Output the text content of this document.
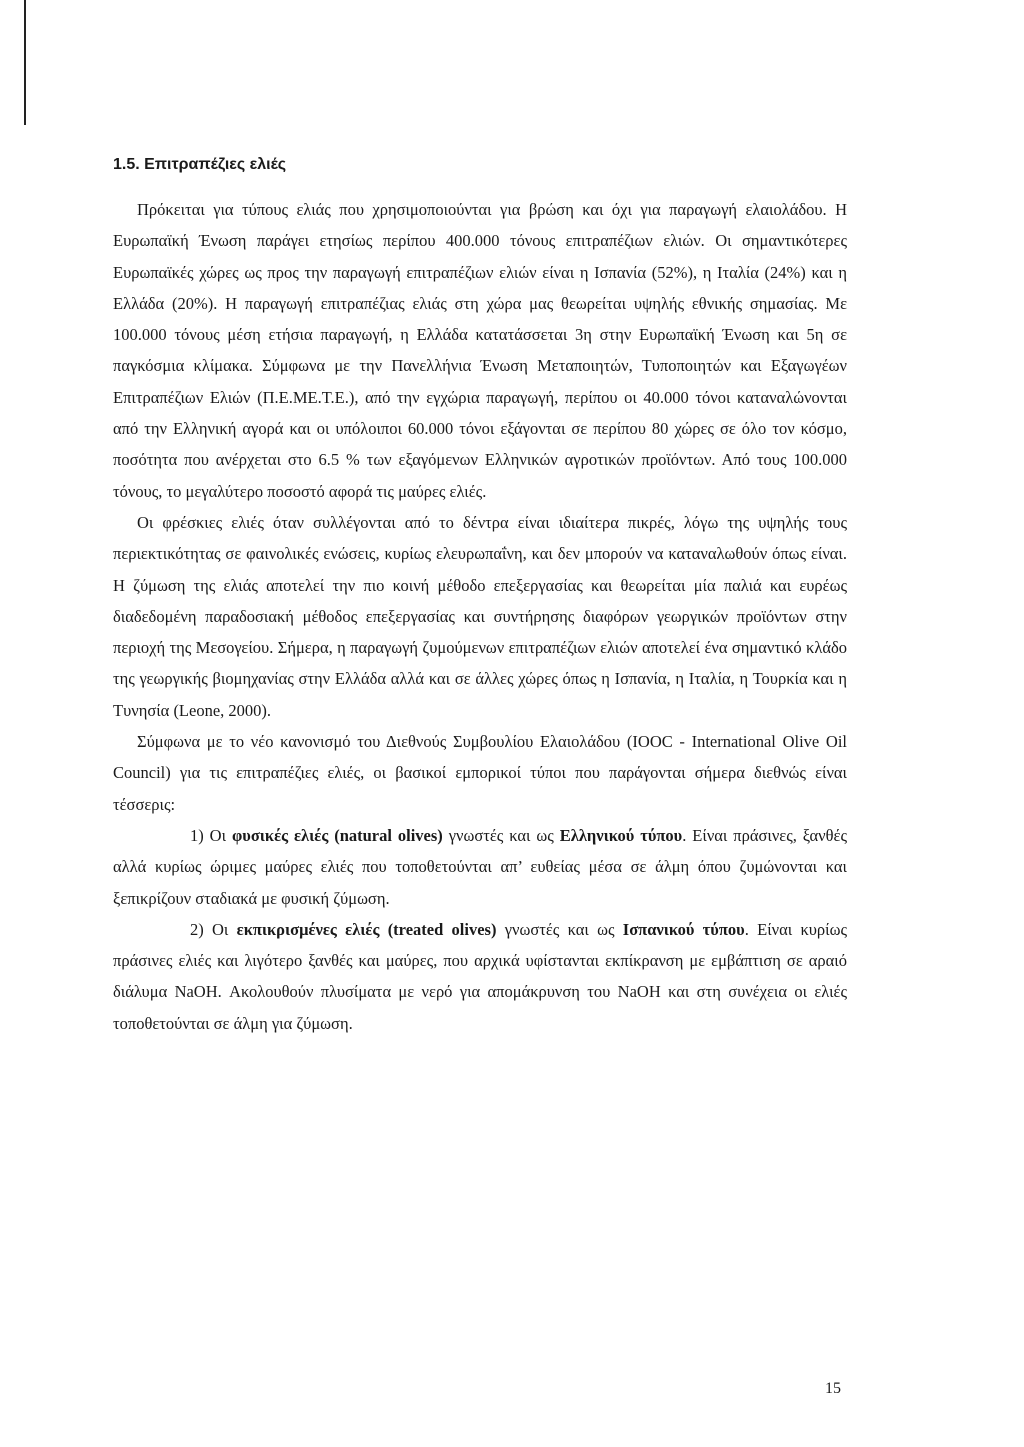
1.5. Επιτραπέζιες ελιές

Πρόκειται για τύπους ελιάς που χρησιμοποιούνται για βρώση και όχι για παραγωγή ελαιολάδου. Η Ευρωπαϊκή Ένωση παράγει ετησίως περίπου 400.000 τόνους επιτραπέζιων ελιών. Οι σημαντικότερες Ευρωπαϊκές χώρες ως προς την παραγωγή επιτραπέζιων ελιών είναι η Ισπανία (52%), η Ιταλία (24%) και η Ελλάδα (20%). Η παραγωγή επιτραπέζιας ελιάς στη χώρα μας θεωρείται υψηλής εθνικής σημασίας. Με 100.000 τόνους μέση ετήσια παραγωγή, η Ελλάδα κατατάσσεται 3η στην Ευρωπαϊκή Ένωση και 5η σε παγκόσμια κλίμακα. Σύμφωνα με την Πανελλήνια Ένωση Μεταποιητών, Τυποποιητών και Εξαγωγέων Επιτραπέζιων Ελιών (Π.Ε.ΜΕ.Τ.Ε.), από την εγχώρια παραγωγή, περίπου οι 40.000 τόνοι καταναλώνονται από την Ελληνική αγορά και οι υπόλοιποι 60.000 τόνοι εξάγονται σε περίπου 80 χώρες σε όλο τον κόσμο, ποσότητα που ανέρχεται στο 6.5 % των εξαγόμενων Ελληνικών αγροτικών προϊόντων. Από τους 100.000 τόνους, το μεγαλύτερο ποσοστό αφορά τις μαύρες ελιές.

Οι φρέσκιες ελιές όταν συλλέγονται από το δέντρα είναι ιδιαίτερα πικρές, λόγω της υψηλής τους περιεκτικότητας σε φαινολικές ενώσεις, κυρίως ελευρωπαΐνη, και δεν μπορούν να καταναλωθούν όπως είναι. Η ζύμωση της ελιάς αποτελεί την πιο κοινή μέθοδο επεξεργασίας και θεωρείται μία παλιά και ευρέως διαδεδομένη παραδοσιακή μέθοδος επεξεργασίας και συντήρησης διαφόρων γεωργικών προϊόντων στην περιοχή της Μεσογείου. Σήμερα, η παραγωγή ζυμούμενων επιτραπέζιων ελιών αποτελεί ένα σημαντικό κλάδο της γεωργικής βιομηχανίας στην Ελλάδα αλλά και σε άλλες χώρες όπως η Ισπανία, η Ιταλία, η Τουρκία και η Τυνησία (Leone, 2000).

Σύμφωνα με το νέο κανονισμό του Διεθνούς Συμβουλίου Ελαιολάδου (IOOC - International Olive Oil Council) για τις επιτραπέζιες ελιές, οι βασικοί εμπορικοί τύποι που παράγονται σήμερα διεθνώς είναι τέσσερις:

1) Οι φυσικές ελιές (natural olives) γνωστές και ως Ελληνικού τύπου. Είναι πράσινες, ξανθές αλλά κυρίως ώριμες μαύρες ελιές που τοποθετούνται απ’ ευθείας μέσα σε άλμη όπου ζυμώνονται και ξεπικρίζουν σταδιακά με φυσική ζύμωση.

2) Οι εκπικρισμένες ελιές (treated olives) γνωστές και ως Ισπανικού τύπου. Είναι κυρίως πράσινες ελιές και λιγότερο ξανθές και μαύρες, που αρχικά υφίστανται εκπίκρανση με εμβάπτιση σε αραιό διάλυμα NaOH. Ακολουθούν πλυσίματα με νερό για απομάκρυνση του NaOH και στη συνέχεια οι ελιές τοποθετούνται σε άλμη για ζύμωση.

15
